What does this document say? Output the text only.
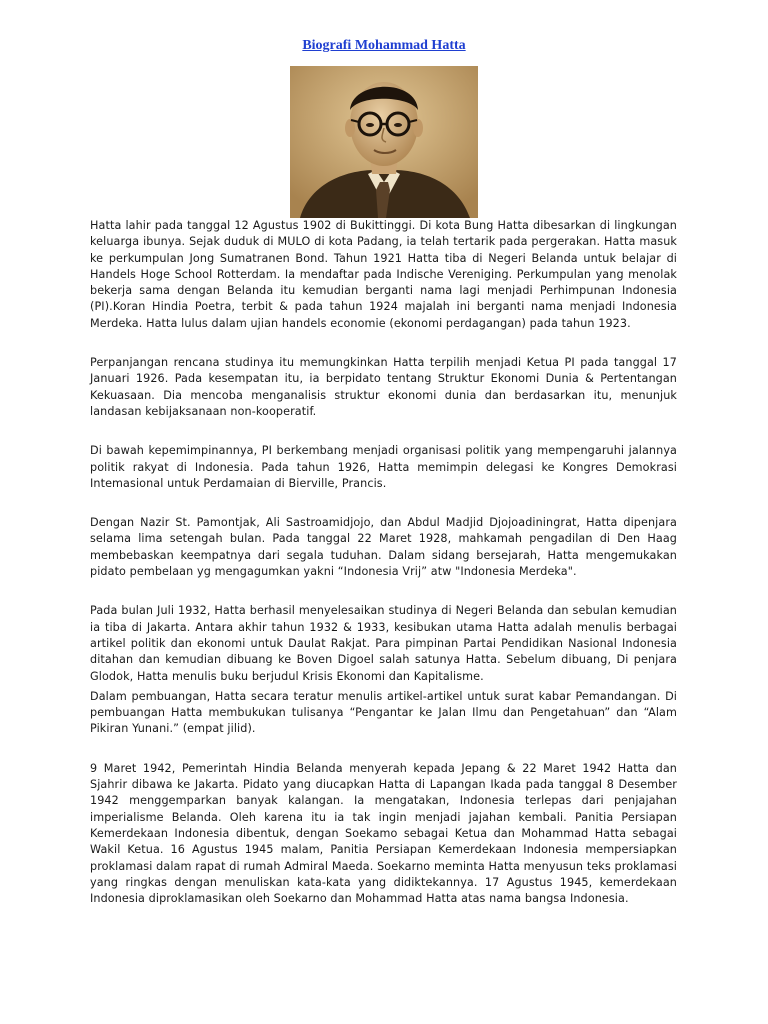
Biografi Mohammad Hatta

Hatta lahir pada tanggal 12 Agustus 1902 di Bukittinggi. Di kota Bung Hatta dibesarkan di lingkungan keluarga ibunya. Sejak duduk di MULO di kota Padang, ia telah tertarik pada pergerakan. Hatta masuk ke perkumpulan Jong Sumatranen Bond. Tahun 1921 Hatta tiba di Negeri Belanda untuk belajar di Handels Hoge School Rotterdam. Ia mendaftar pada Indische Vereniging. Perkumpulan yang menolak bekerja sama dengan Belanda itu kemudian berganti nama lagi menjadi Perhimpunan Indonesia (PI).Koran Hindia Poetra, terbit & pada tahun 1924 majalah ini berganti nama menjadi Indonesia Merdeka. Hatta lulus dalam ujian handels economie (ekonomi perdagangan) pada tahun 1923.

Perpanjangan rencana studinya itu memungkinkan Hatta terpilih menjadi Ketua PI pada tanggal 17 Januari 1926. Pada kesempatan itu, ia berpidato tentang Struktur Ekonomi Dunia & Pertentangan Kekuasaan. Dia mencoba menganalisis struktur ekonomi dunia dan berdasarkan itu, menunjuk landasan kebijaksanaan non-kooperatif.

Di bawah kepemimpinannya, PI berkembang menjadi organisasi politik yang mempengaruhi jalannya politik rakyat di Indonesia. Pada tahun 1926, Hatta memimpin delegasi ke Kongres Demokrasi Intemasional untuk Perdamaian di Bierville, Prancis.

Dengan Nazir St. Pamontjak, Ali Sastroamidjojo, dan Abdul Madjid Djojoadiningrat, Hatta dipenjara selama lima setengah bulan. Pada tanggal 22 Maret 1928, mahkamah pengadilan di Den Haag membebaskan keempatnya dari segala tuduhan. Dalam sidang bersejarah, Hatta mengemukakan pidato pembelaan yg mengagumkan yakni “Indonesia Vrij” atw "Indonesia Merdeka".

Pada bulan Juli 1932, Hatta berhasil menyelesaikan studinya di Negeri Belanda dan sebulan kemudian ia tiba di Jakarta. Antara akhir tahun 1932 & 1933, kesibukan utama Hatta adalah menulis berbagai artikel politik dan ekonomi untuk Daulat Rakjat. Para pimpinan Partai Pendidikan Nasional Indonesia ditahan dan kemudian dibuang ke Boven Digoel salah satunya Hatta. Sebelum dibuang, Di penjara Glodok, Hatta menulis buku berjudul Krisis Ekonomi dan Kapitalisme.

Dalam pembuangan, Hatta secara teratur menulis artikel-artikel untuk surat kabar Pemandangan. Di pembuangan Hatta membukukan tulisanya “Pengantar ke Jalan Ilmu dan Pengetahuan” dan “Alam Pikiran Yunani.” (empat jilid).

9 Maret 1942, Pemerintah Hindia Belanda menyerah kepada Jepang & 22 Maret 1942 Hatta dan Sjahrir dibawa ke Jakarta. Pidato yang diucapkan Hatta di Lapangan Ikada pada tanggaI 8 Desember 1942 menggemparkan banyak kalangan. Ia mengatakan, Indonesia terlepas dari penjajahan imperialisme Belanda. Oleh karena itu ia tak ingin menjadi jajahan kembali. Panitia Persiapan Kemerdekaan Indonesia dibentuk, dengan Soekamo sebagai Ketua dan Mohammad Hatta sebagai Wakil Ketua. 16 Agustus 1945 malam, Panitia Persiapan Kemerdekaan Indonesia mempersiapkan proklamasi dalam rapat di rumah Admiral Maeda. Soekarno meminta Hatta menyusun teks proklamasi yang ringkas dengan menuliskan kata-kata yang didiktekannya. 17 Agustus 1945, kemerdekaan Indonesia diproklamasikan oleh Soekarno dan Mohammad Hatta atas nama bangsa Indonesia.
